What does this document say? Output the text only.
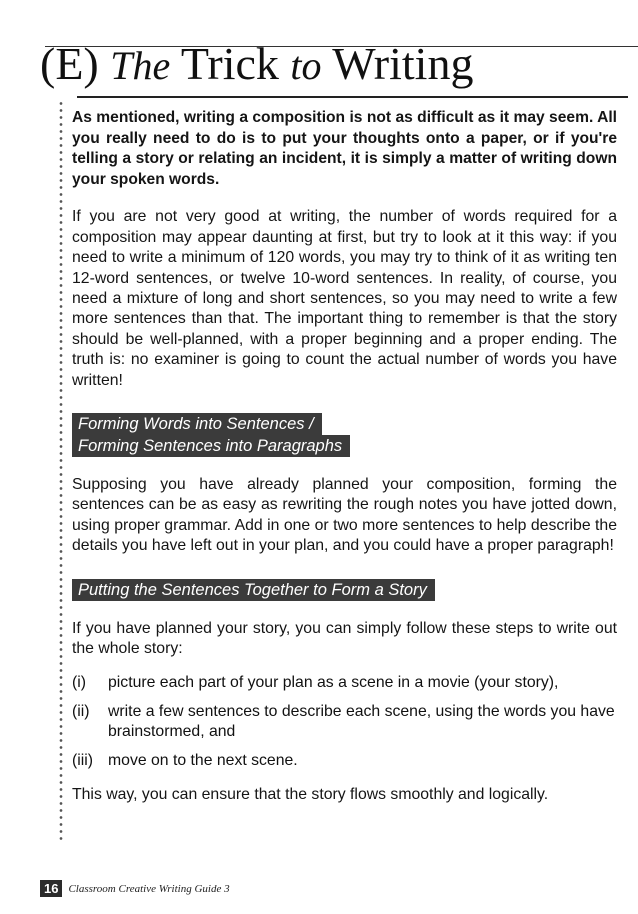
(E) The Trick to Writing

As mentioned, writing a composition is not as difficult as it may seem. All you really need to do is to put your thoughts onto a paper, or if you're telling a story or relating an incident, it is simply a matter of writing down your spoken words.

If you are not very good at writing, the number of words required for a composition may appear daunting at first, but try to look at it this way: if you need to write a minimum of 120 words, you may try to think of it as writing ten 12-word sentences, or twelve 10-word sentences. In reality, of course, you need a mixture of long and short sentences, so you may need to write a few more sentences than that. The important thing to remember is that the story should be well-planned, with a proper beginning and a proper ending. The truth is: no examiner is going to count the actual number of words you have written!

Forming Words into Sentences /
Forming Sentences into Paragraphs

Supposing you have already planned your composition, forming the sentences can be as easy as rewriting the rough notes you have jotted down, using proper grammar. Add in one or two more sentences to help describe the details you have left out in your plan, and you could have a proper paragraph!

Putting the Sentences Together to Form a Story

If you have planned your story, you can simply follow these steps to write out the whole story:

(i)	picture each part of your plan as a scene in a movie (your story),
(ii)	write a few sentences to describe each scene, using the words you have brainstormed, and
(iii) move on to the next scene.

This way, you can ensure that the story flows smoothly and logically.

16 Classroom Creative Writing Guide 3
